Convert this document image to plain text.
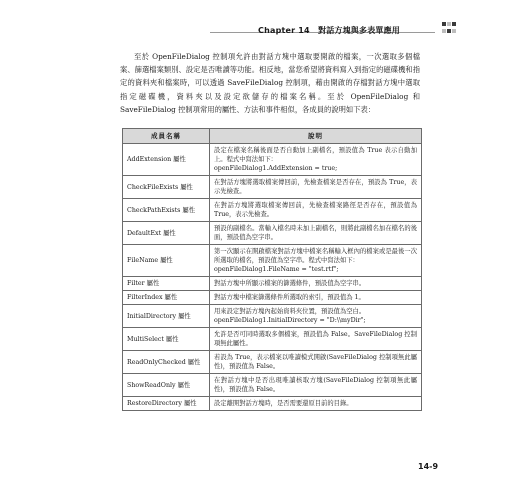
Chapter 14　對話方塊與多表單應用
至於 OpenFileDialog 控制項允許由對話方塊中選取要開啟的檔案，一次選取多個檔案、篩選檔案類別、設定是否唯讀等功能。相反地，當您希望將資料寫入到指定的磁碟機和指定的資料夾和檔案時，可以透過 SaveFileDialog 控制項，藉由開啟的存檔對話方塊中選取指定磁碟機，資料夾以及設定欲儲存的檔案名稱。至於 OpenFileDialog 和 SaveFileDialog 控制項常用的屬性、方法和事件相似，各成員的說明如下表：
成員名稱	說明
AddExtension 屬性	設定在檔案名稱後面是否自動加上副檔名，預設值為 True 表示自動加上。程式中寫法如下：
openFileDialog1.AddExtension = true;

CheckFileExists 屬性	在對話方塊將選取檔案傳回前，先檢查檔案是否存在，預設為 True，表示先檢查。

CheckPathExists 屬性	在對話方塊將選取檔案傳回前，先檢查檔案路徑是否存在，預設值為 True，表示先檢查。

DefaultExt 屬性	預設的副檔名。當輸入檔名時未加上副檔名，則將此副檔名加在檔名的後面，預設值為空字串。

FileName 屬性	第一次顯示在開啟檔案對話方塊中檔案名稱輸入框內的檔案或是最後一次所選取的檔名，預設值為空字串。程式中寫法如下：
openFileDialog1.FileName = "test.rtf";

Filter 屬性	對話方塊中所顯示檔案的篩選條件，預設值為空字串。

FilterIndex 屬性	對話方塊中檔案篩選條件所選取的索引，預設值為 1。

InitialDirectory 屬性	用來設定對話方塊內起始資料夾位置，預設值為空白。
openFileDialog1.InitialDirectory = "D:\\myDir";

MultiSelect 屬性	允許是否可同時選取多個檔案，預設值為 False。SaveFileDialog 控制項無此屬性。

ReadOnlyChecked 屬性	若設為 True，表示檔案以唯讀模式開啟(SaveFileDialog 控制項無此屬性)，預設值為 False。

ShowReadOnly 屬性	在對話方塊中是否出現唯讀核取方塊(SaveFileDialog 控制項無此屬性)，預設值為 False。

RestoreDirectory 屬性	設定離開對話方塊時，是否需要還原目前的目錄。
14-9
